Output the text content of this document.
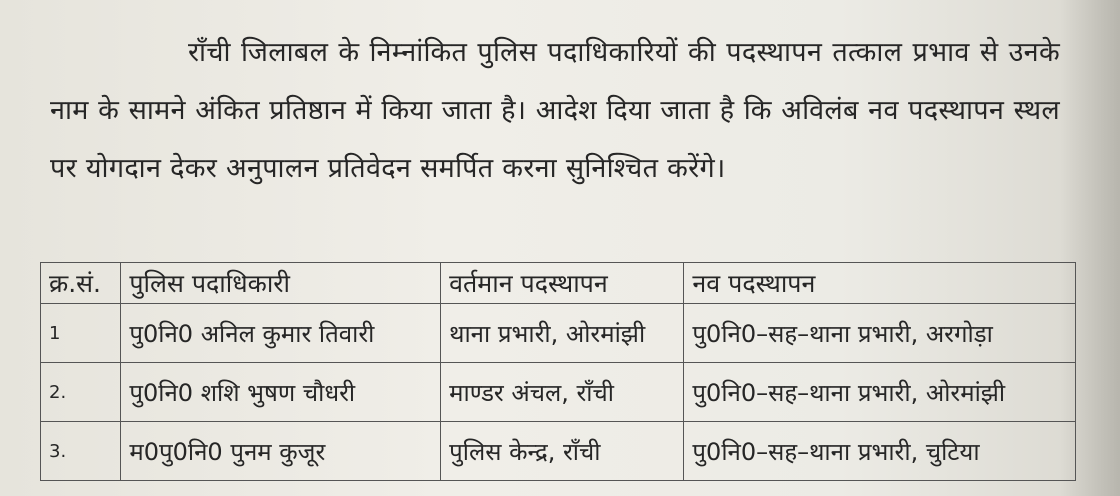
राँची जिलाबल के निम्नांकित पुलिस पदाधिकारियों की पदस्थापन तत्काल प्रभाव से उनके नाम के सामने अंकित प्रतिष्ठान में किया जाता है। आदेश दिया जाता है कि अविलंब नव पदस्थापन स्थल पर योगदान देकर अनुपालन प्रतिवेदन समर्पित करना सुनिश्चित करेंगे।

क्र.सं.	पुलिस पदाधिकारी	वर्तमान पदस्थापन	नव पदस्थापन
1	पु0नि0 अनिल कुमार तिवारी	थाना प्रभारी, ओरमांझी	पु0नि0–सह–थाना प्रभारी, अरगोड़ा
2.	पु0नि0 शशि भुषण चौधरी	माण्डर अंचल, राँची	पु0नि0–सह–थाना प्रभारी, ओरमांझी
3.	म0पु0नि0 पुनम कुजूर	पुलिस केन्द्र, राँची	पु0नि0–सह–थाना प्रभारी, चुटिया
